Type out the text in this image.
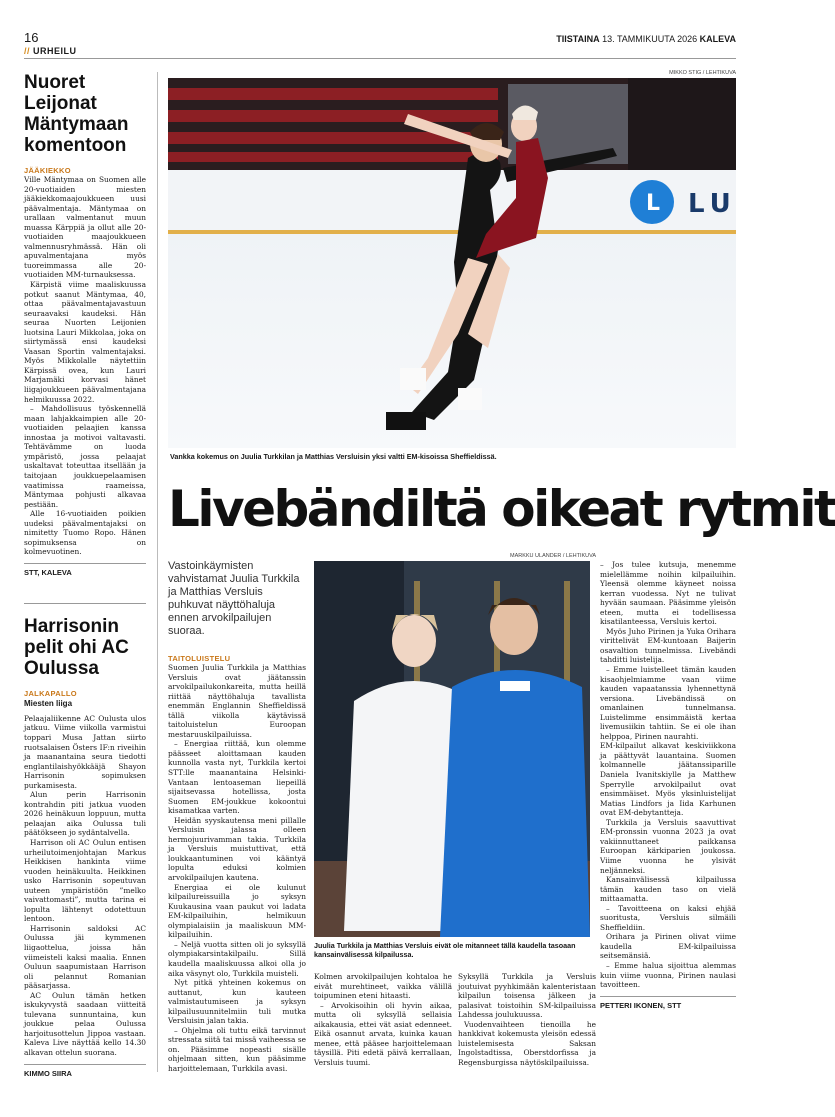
16
// URHEILU
TIISTAINA 13. TAMMIKUUTA 2026 KALEVA
Nuoret Leijonat Mäntymaan komentoon
JÄÄKIEKKO

Ville Mäntymaa on Suomen alle 20-vuotiaiden miesten jääkiekkomaajoukkueen uusi päävalmentaja. Mäntymaa on urallaan valmentanut muun muassa Kärppiä ja ollut alle 20-vuotiaiden maajoukkueen valmennusryhmässä. Hän oli apuvalmentajana myös tuoreimmassa alle 20-vuotiaiden MM-turnauksessa.

Kärpistä viime maaliskuussa potkut saanut Mäntymaa, 40, ottaa päävalmentajavastuun seuraavaksi kaudeksi. Hän seuraa Nuorten Leijonien luotsina Lauri Mikkolaa, joka on siirtymässä ensi kaudeksi Vaasan Sportin valmentajaksi. Myös Mikkolalle näytettiin Kärpissä ovea, kun Lauri Marjamäki korvasi hänet liigajoukkueen päävalmentajana helmikuussa 2022.

– Mahdollisuus työskennellä maan lahjakkaimpien alle 20-vuotiaiden pelaajien kanssa innostaa ja motivoi valtavasti. Tehtävämme on luoda ympäristö, jossa pelaajat uskaltavat toteuttaa itsellään ja taitojaan joukkuepelaamisen vaatimissa raameissa, Mäntymaa pohjusti alkavaa pestiään.

Alle 16-vuotiaiden poikien uudeksi päävalmentajaksi on nimitetty Tuomo Ropo. Hänen sopimuksensa on kolmevuotinen.

STT, KALEVA
Harrisonin pelit ohi AC Oulussa
JALKAPALLO
Miesten liiga

Pelaajaliikenne AC Oulusta ulos jatkuu. Viime viikolla varmistui toppari Musa Jattan siirto ruotsalaisen Östers IF:n riveihin ja maanantaina seura tiedotti englantilaishyökkääjä Shayon Harrisonin sopimuksen purkamisesta.

Alun perin Harrisonin kontrahdin piti jatkua vuoden 2026 heinäkuun loppuun, mutta pelaajan aika Oulussa tuli päätökseen jo sydäntalvella.

Harrison oli AC Oulun entisen urheilutoimenjohtajan Markus Heikkisen hankinta viime vuoden heinäkuulta. Heikkinen usko Harrisonin sopeutuvan uuteen ympäristöön ”melko vaivattomasti”, mutta tarina ei lopulta lähtenyt odotettuun lentoon.

Harrisonin saldoksi AC Oulussa jäi kymmenen liigaottelua, joissa hän viimeisteli kaksi maalia. Ennen Ouluun saapumistaan Harrison oli pelannut Romanian pääsarjassa.

AC Oulun tämän hetken iskukyvystä saadaan viitteitä tulevana sunnuntaina, kun joukkue pelaa Oulussa harjoitusottelun Jippoa vastaan. Kaleva Live näyttää kello 14.30 alkavan ottelun suorana.

KIMMO SIIRA
MIKKO STIG / LEHTIKUVA
L LU
Vankka kokemus on Juulia Turkkilan ja Matthias Versluisin yksi valtti EM-kisoissa Sheffieldissä.
Livebändiltä oikeat rytmit
Vastoinkäymisten vahvistamat Juulia Turkkila ja Matthias Versluis puhkuvat näyttöhaluja ennen arvokilpailujen suoraa.
MARKKU ULANDER / LEHTIKUVA
Juulia Turkkila ja Matthias Versluis eivät ole mitanneet tällä kaudella tasoaan kansainvälisessä kilpailussa.
TAITOLUISTELU

Suomen Juulia Turkkila ja Matthias Versluis ovat jäätanssin arvokilpailukonkareita, mutta heillä riittää näyttöhaluja tavallista enemmän Englannin Sheffieldissä tällä viikolla käytävissä taitoluistelun Euroopan mestaruuskilpailuissa.

– Energiaa riittää, kun olemme päässeet aloittamaan kauden kunnolla vasta nyt, Turkkila kertoi STT:lle maanantaina Helsinki-Vantaan lentoaseman liepeillä sijaitsevassa hotellissa, josta Suomen EM-joukkue kokoontui kisamatkaa varten.

Heidän syyskautensa meni pillalle Versluisin jalassa olleen hermojuurivamman takia. Turkkila ja Versluis muistuttivat, että loukkaantuminen voi kääntyä lopulta eduksi kolmien arvokilpailujen kautena.

Energiaa ei ole kulunut kilpailureissuilla jo syksyn Kuukausina vaan paukut voi ladata EM-kilpailuihin, helmikuun olympialaisiin ja maaliskuun MM-kilpailuihin.

– Neljä vuotta sitten oli jo syksyllä olympiakarsintakilpailu. Sillä kaudella maaliskuussa alkoi olla jo aika väsynyt olo, Turkkila muisteli.

Nyt pitkä yhteinen kokemus on auttanut, kun kauteen valmistautumiseen ja syksyn kilpailusuunnitelmiin tuli mutka Versluisin jalan takia.

– Ohjelma oli tuttu eikä tarvinnut stressata siitä tai missä vaiheessa se on. Pääsimme nopeasti sisälle ohjelmaan sitten, kun pääsimme harjoittelemaan, Turkkila avasi.

Kolmen arvokilpailujen kohtaloa he eivät murehtineet, vaikka välillä toipuminen eteni hitaasti.

– Arvokisoihin oli hyvin aikaa, mutta oli syksyllä sellaisia aikakausia, ettei vät asiat edenneet. Eikä osannut arvata, kuinka kauan menee, että pääsee harjoittelemaan täysillä. Piti edetä päivä kerrallaan, Versluis tuumi.

Syksyllä Turkkila ja Versluis joutuivat pyyhkimään kalenteristaan kilpailun toisensa jälkeen ja palasivat toistoihin SM-kilpailuissa Lahdessa joulukuussa.

Vuodenvaihteen tienoilla he hankkivat kokemusta yleisön edessä luistelemisesta Saksan Ingolstadtissa, Oberstdorfissa ja Regensburgissa näytöskilpailuissa.

– Jos tulee kutsuja, menemme mielellämme noihin kilpailuihin. Yleensä olemme käyneet noissa kerran vuodessa. Nyt ne tulivat hyvään saumaan. Pääsimme yleisön eteen, mutta ei todellisessa kisatilanteessa, Versluis kertoi.

Myös Juho Pirinen ja Yuka Orihara virittelivät EM-kuntoaan Baijerin osavaltion tunnelmissa. Livebändi tahditti luistelija.

– Emme luistelleet tämän kauden kisaohjelmiamme vaan viime kauden vapaatanssia lyhennettynä versiona. Livebändissä on omanlainen tunnelmansa. Luistelimme ensimmäistä kertaa livemusiikin tahtiin. Se ei ole ihan helppoa, Pirinen naurahti.

EM-kilpailut alkavat keskiviikkona ja päättyvät lauantaina. Suomen kolmannelle jäätanssiparille Daniela Ivanitskiylle ja Matthew Sperrylle arvokilpailut ovat ensimmäiset. Myös yksinluistelijat Matias Lindfors ja Iida Karhunen ovat EM-debytanttejа.

Turkkila ja Versluis saavuttivat EM-pronssin vuonna 2023 ja ovat vakiinnuttaneet paikkansa Euroopan kärkiparien joukossa. Viime vuonna he ylsivät neljänneksi.

Kansainvälisessä kilpailussa tämän kauden taso on vielä mittaamatta.

– Tavoitteena on kaksi ehjää suoritusta, Versluis silmäili Sheffieldiin.

Orihara ja Pirinen olivat viime kaudella EM-kilpailuissa seitsemänsiä.

– Emme halua sijoittua alemmas kuin viime vuonna, Pirinen naulasi tavoitteen.

PETTERI IKONEN, STT
